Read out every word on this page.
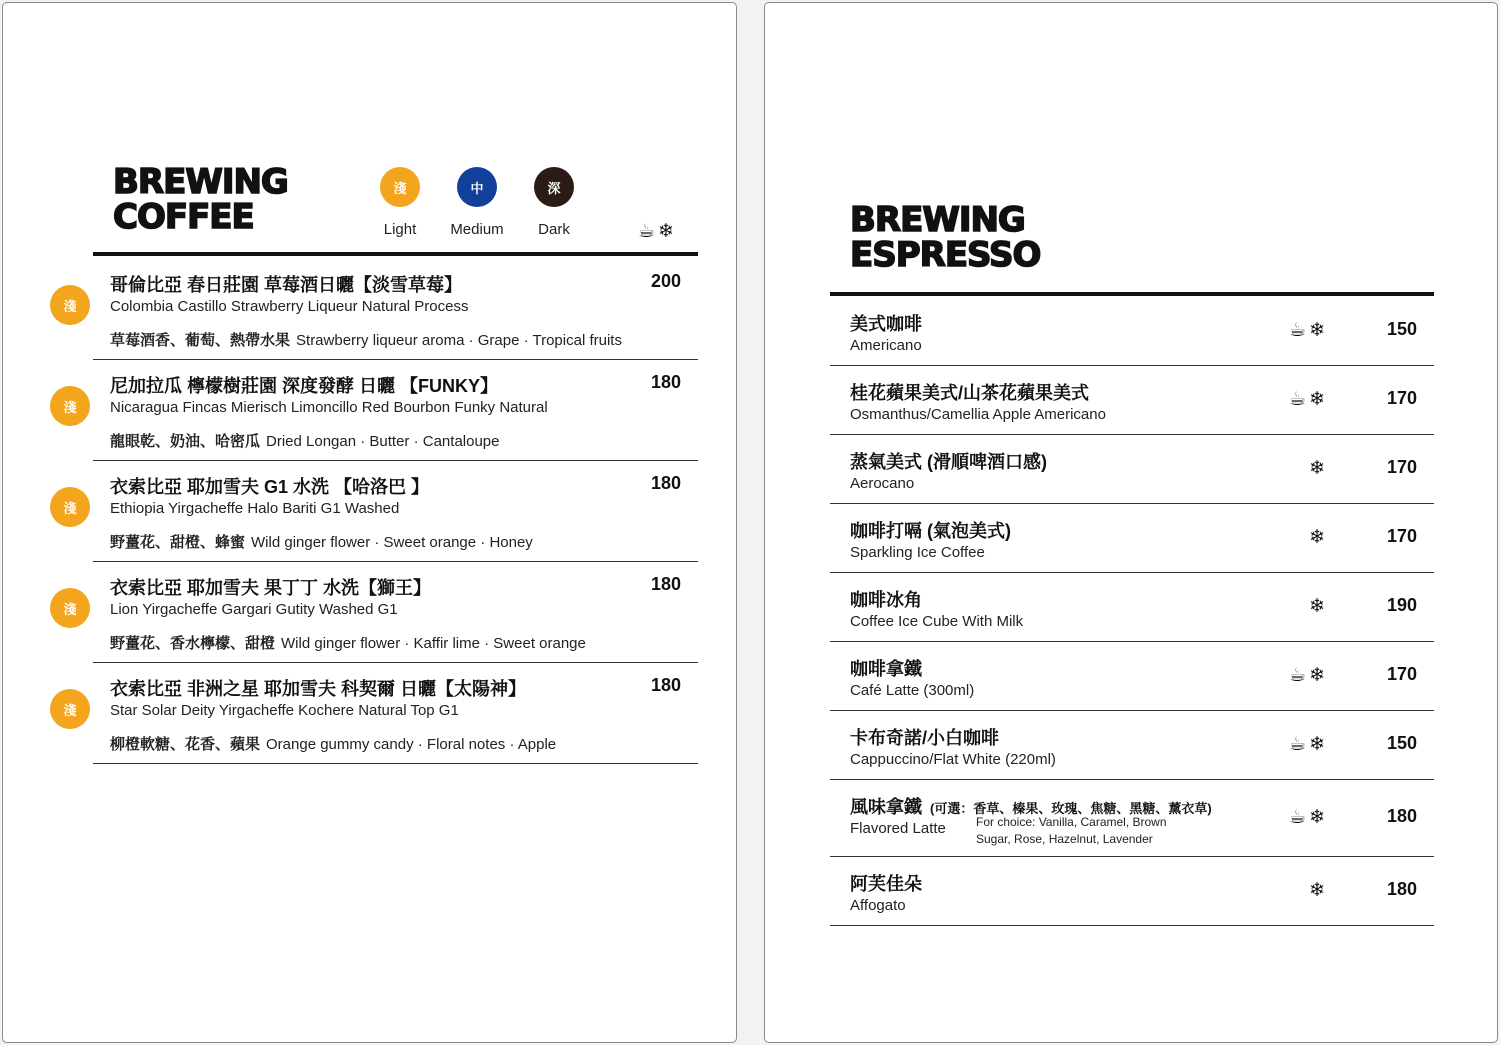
BREWING
COFFEE
淺
Light
中
Medium
深
Dark	☕ ❄
淺
哥倫比亞 春日莊園 草莓酒日曬【淡雪草莓】
Colombia Castillo Strawberry Liqueur Natural Process
草莓酒香、葡萄、熱帶水果 Strawberry liqueur aroma · Grape · Tropical fruits
200
淺
尼加拉瓜 檸檬樹莊園 深度發酵 日曬 【FUNKY】
Nicaragua Fincas Mierisch Limoncillo Red Bourbon Funky Natural
龍眼乾、奶油、哈密瓜 Dried Longan · Butter · Cantaloupe
180
淺
衣索比亞 耶加雪夫 G1 水洗 【哈洛巴 】
Ethiopia Yirgacheffe Halo Bariti G1 Washed
野薑花、甜橙、蜂蜜 Wild ginger flower · Sweet orange · Honey
180
淺
衣索比亞 耶加雪夫 果丁丁 水洗【獅王】
Lion Yirgacheffe Gargari Gutity Washed G1
野薑花、香水檸檬、甜橙 Wild ginger flower · Kaffir lime · Sweet orange
180
淺
衣索比亞 非洲之星 耶加雪夫 科契爾 日曬【太陽神】
Star Solar Deity Yirgacheffe Kochere Natural Top G1
柳橙軟糖、花香、蘋果 Orange gummy candy · Floral notes · Apple
180
BREWING
ESPRESSO
美式咖啡
Americano
☕ ❄	150
桂花蘋果美式/山茶花蘋果美式
Osmanthus/Camellia Apple Americano
☕ ❄	170
蒸氣美式 (滑順啤酒口感)
Aerocano
❄	170
咖啡打嗝 (氣泡美式)
Sparkling Ice Coffee
❄	170
咖啡冰角
Coffee Ice Cube With Milk
❄	190
咖啡拿鐵
Café Latte (300ml)
☕ ❄	170
卡布奇諾/小白咖啡
Cappuccino/Flat White (220ml)
☕ ❄	150
風味拿鐵 (可選：香草、榛果、玫瑰、焦糖、黑糖、薰衣草)
For choice: Vanilla, Caramel, Brown Sugar, Rose, Hazelnut, Lavender
Flavored Latte
☕ ❄	180
阿芙佳朵
Affogato
❄	180
